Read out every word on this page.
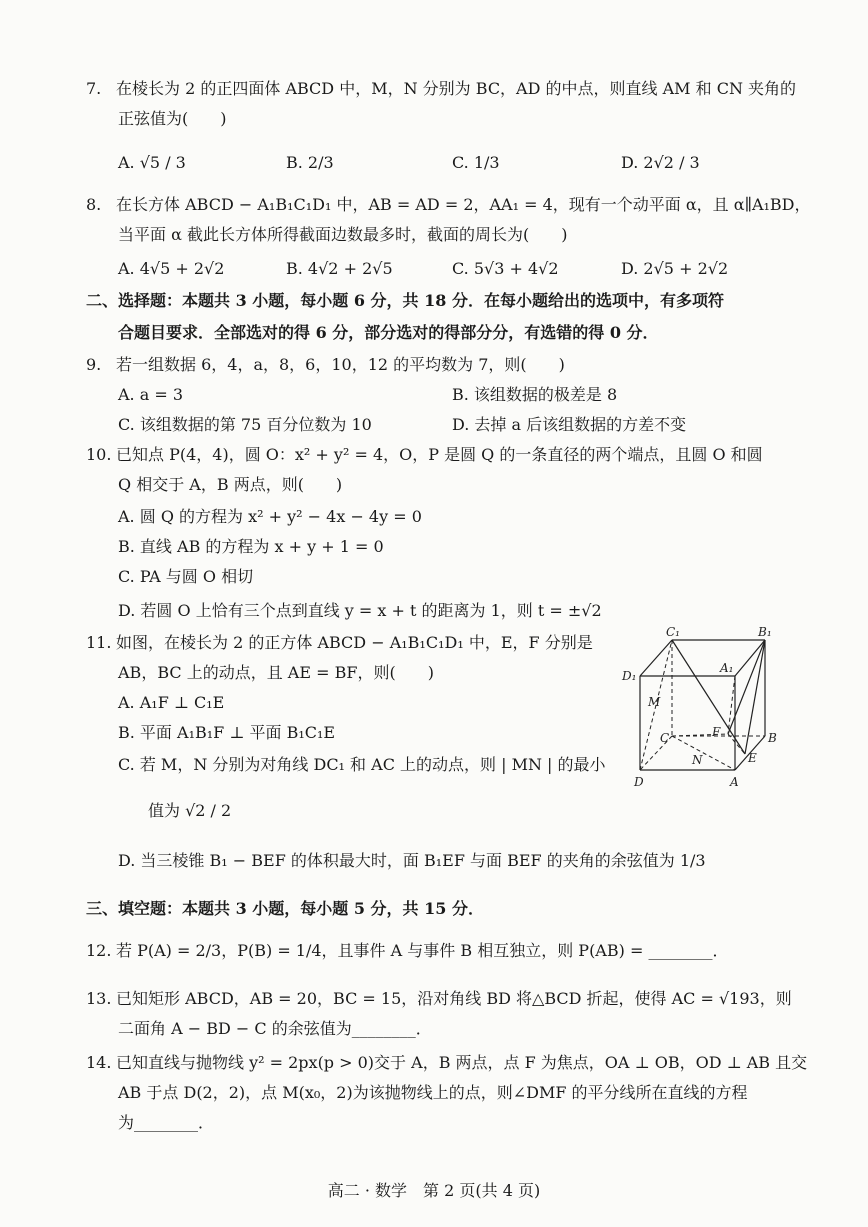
7. 在棱长为 2 的正四面体 ABCD 中，M，N 分别为 BC，AD 的中点，则直线 AM 和 CN 夹角的
正弦值为(　　)
A. √5 / 3	B. 2/3	C. 1/3	D. 2√2 / 3
8. 在长方体 ABCD − A₁B₁C₁D₁ 中，AB = AD = 2，AA₁ = 4，现有一个动平面 α，且 α∥A₁BD，
当平面 α 截此长方体所得截面边数最多时，截面的周长为(　　)
A. 4√5 + 2√2	B. 4√2 + 2√5	C. 5√3 + 4√2	D. 2√5 + 2√2
二、选择题：本题共 3 小题，每小题 6 分，共 18 分．在每小题给出的选项中，有多项符
合题目要求．全部选对的得 6 分，部分选对的得部分分，有选错的得 0 分．
9. 若一组数据 6，4，a，8，6，10，12 的平均数为 7，则(　　)
A. a = 3	B. 该组数据的极差是 8
C. 该组数据的第 75 百分位数为 10	D. 去掉 a 后该组数据的方差不变
10. 已知点 P(4，4)，圆 O：x² + y² = 4，O，P 是圆 Q 的一条直径的两个端点，且圆 O 和圆
Q 相交于 A，B 两点，则(　　)
A. 圆 Q 的方程为 x² + y² − 4x − 4y = 0
B. 直线 AB 的方程为 x + y + 1 = 0
C. PA 与圆 O 相切
D. 若圆 O 上恰有三个点到直线 y = x + t 的距离为 1，则 t = ±√2
11. 如图，在棱长为 2 的正方体 ABCD − A₁B₁C₁D₁ 中，E，F 分别是
AB，BC 上的动点，且 AE = BF，则(　　)
A. A₁F ⊥ C₁E
B. 平面 A₁B₁F ⊥ 平面 B₁C₁E
C. 若 M，N 分别为对角线 DC₁ 和 AC 上的动点，则 | MN | 的最小
值为 √2 / 2
D. 当三棱锥 B₁ − BEF 的体积最大时，面 B₁EF 与面 BEF 的夹角的余弦值为 1/3
C₁	B₁
D₁
A₁
M
F
C	B
N	E
D	A
三、填空题：本题共 3 小题，每小题 5 分，共 15 分．
12. 若 P(A) = 2/3，P(B) = 1/4，且事件 A 与事件 B 相互独立，则 P(AB) = ________．
13. 已知矩形 ABCD，AB = 20，BC = 15，沿对角线 BD 将△BCD 折起，使得 AC = √193，则
二面角 A − BD − C 的余弦值为________．
14. 已知直线与抛物线 y² = 2px(p > 0)交于 A，B 两点，点 F 为焦点，OA ⊥ OB，OD ⊥ AB 且交
AB 于点 D(2，2)，点 M(x₀，2)为该抛物线上的点，则∠DMF 的平分线所在直线的方程
为________．
高二 · 数学　第 2 页(共 4 页)
